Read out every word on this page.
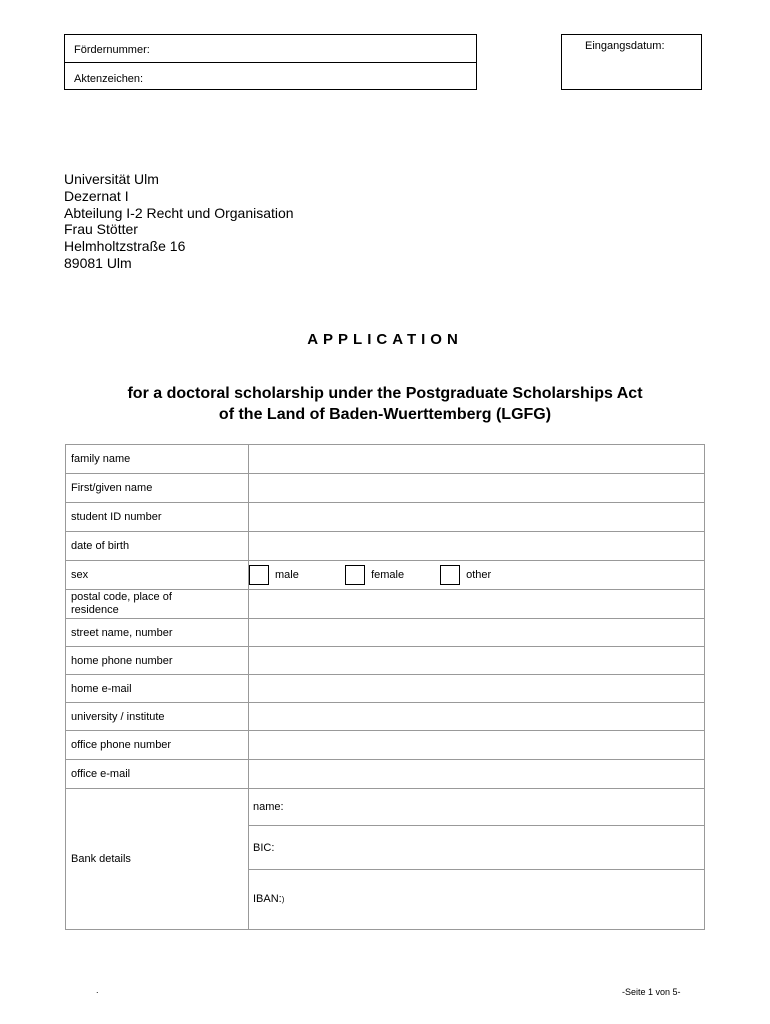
Fördernummer:
Aktenzeichen:
Eingangsdatum:
Universität Ulm
Dezernat I
Abteilung I-2 Recht und Organisation
Frau Stötter
Helmholtzstraße 16
89081 Ulm
APPLICATION
for a doctoral scholarship under the Postgraduate Scholarships Act
of the Land of Baden-Wuerttemberg (LGFG)
family name	
First/given name	
student ID number	
date of birth	
sex	male female other

postal code, place of
residence	

street name, number	
home phone number	
home e-mail	
university / institute	
office phone number	
office e-mail	
Bank details	name:
BIC:
IBAN: )
.	-Seite 1 von 5-
